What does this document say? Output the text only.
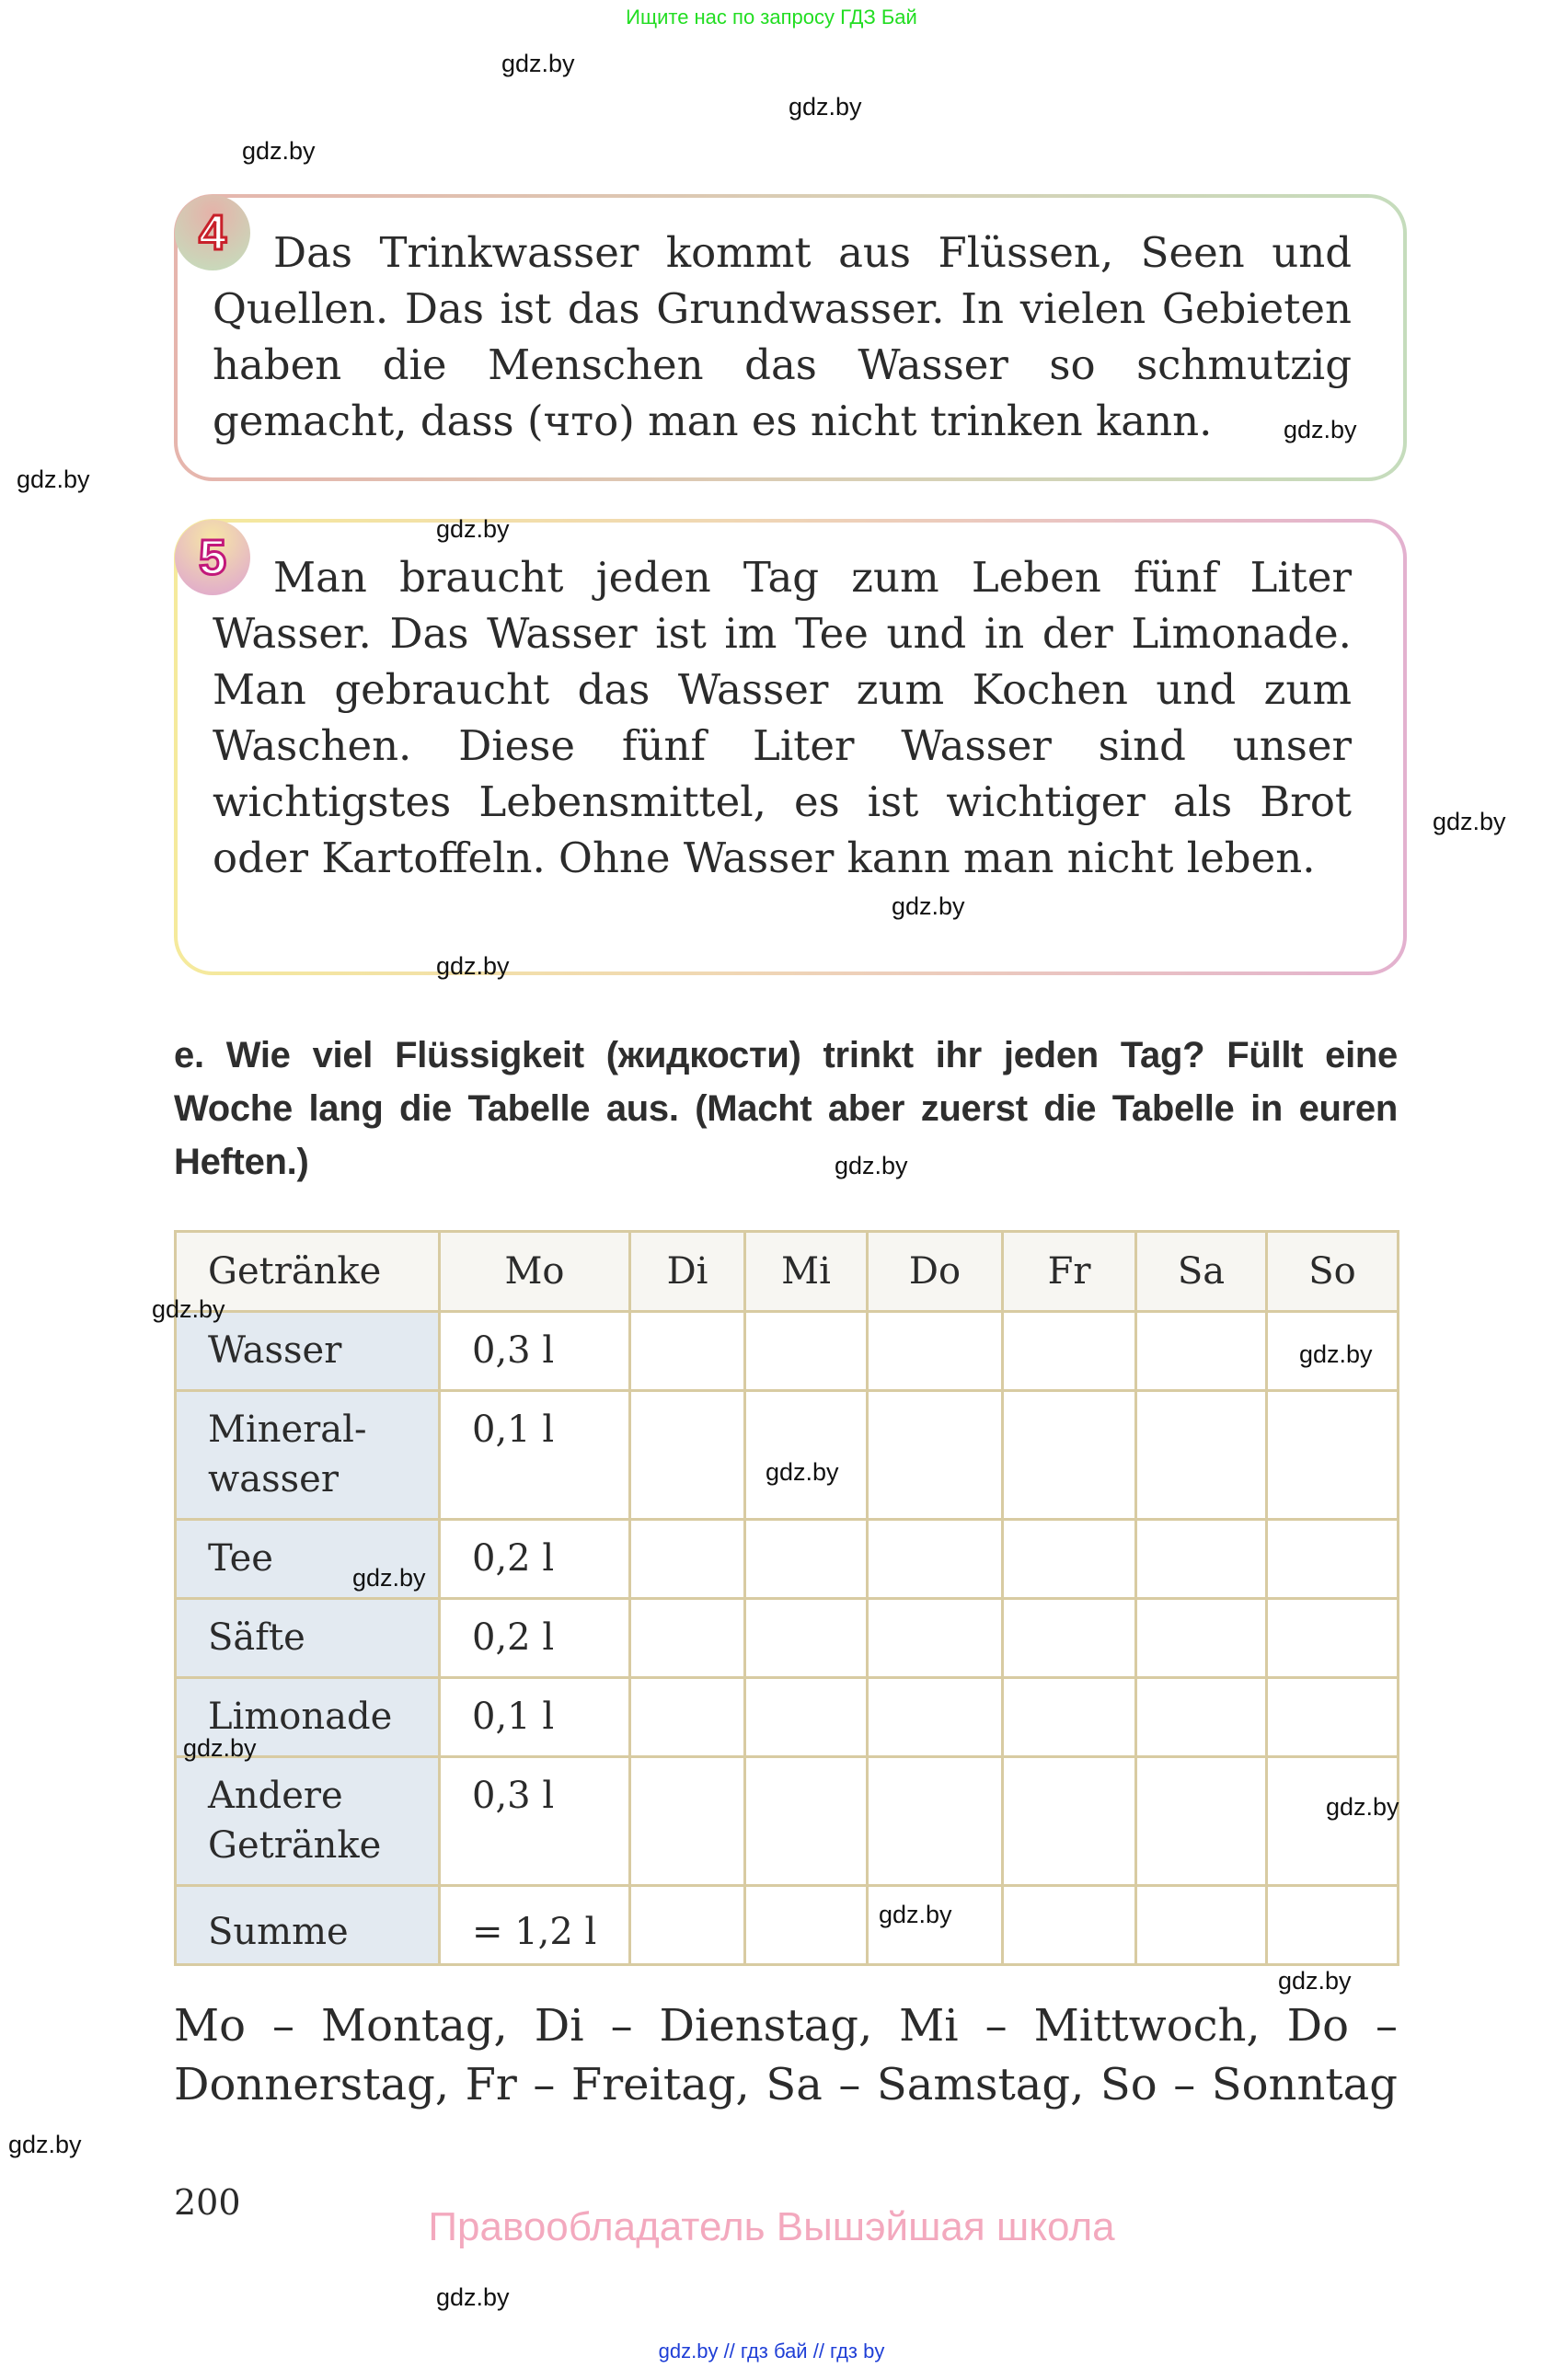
Ищите нас по запросу ГДЗ Бай
gdz.by
gdz.by
gdz.by
gdz.by
4	Das Trinkwasser kommt aus Flüssen, Seen und Quellen. Das ist das Grundwasser. In vielen Gebieten haben die Menschen das Wasser so schmutzig gemacht, dass (что) man es nicht trinken kann.	gdz.by
5
gdz.by
Man braucht jeden Tag zum Leben fünf Liter Wasser. Das Wasser ist im Tee und in der Limonade. Man gebraucht das Wasser zum Kochen und zum Waschen. Diese fünf Liter Wasser sind unser wichtigstes Lebensmittel, es ist wichtiger als Brot oder Kartoffeln. Ohne Wasser kann man nicht leben.
gdz.by
gdz.by
gdz.by
e. Wie viel Flüssigkeit (жидкости) trinkt ihr jeden Tag? Füllt eine Woche lang die Tabelle aus. (Macht aber zuerst die Tabelle in euren Heften.)	gdz.by
Getränke	Mo	Di	Mi	Do	Fr	Sa	So
Wasser	0,3 l						
Mineral-
wasser	0,1 l						
Tee	0,2 l						
Säfte	0,2 l						
Limonade	0,1 l						
Andere
Getränke	0,3 l						
Summe	= 1,2 l						
gdz.by
gdz.by
gdz.by
gdz.by
gdz.by
gdz.by
gdz.by
gdz.by
Mo – Montag, Di – Dienstag, Mi – Mittwoch, Do –
Donnerstag, Fr – Freitag, Sa – Samstag, So – Sonntag
gdz.by
200
Правообладатель Вышэйшая школа
gdz.by
gdz.by // гдз бай // гдз by
